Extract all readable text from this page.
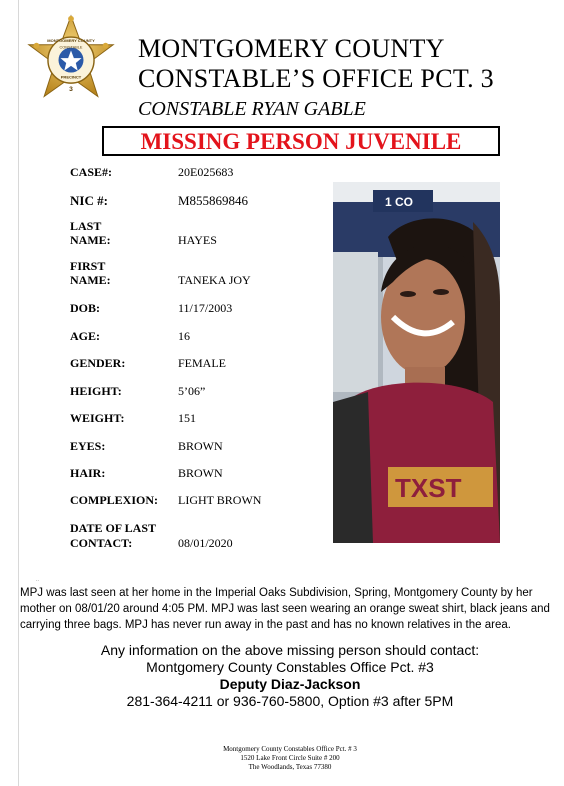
MONTGOMERY COUNTY
CONSTABLE
PRECINCT
3
MONTGOMERY COUNTY
CONSTABLE’S OFFICE PCT. 3
CONSTABLE RYAN GABLE
MISSING PERSON JUVENILE
CASE#:	20E025683
NIC #:	M855869846
LAST
NAME:	HAYES
FIRST
NAME:	TANEKA JOY
DOB:	11/17/2003
AGE:	16
GENDER:	FEMALE
HEIGHT:	5’06”
WEIGHT:	151
EYES:	BROWN
HAIR:	BROWN
COMPLEXION: LIGHT BROWN
DATE OF LAST
CONTACT:	08/01/2020
1 CO
TXST
..
MPJ was last seen at her home in the Imperial Oaks Subdivision, Spring, Montgomery County by her mother on 08/01/20 around 4:05 PM. MPJ was last seen wearing an orange sweat shirt, black jeans and carrying three bags. MPJ has never run away in the past and has no known relatives in the area.
Any information on the above missing person should contact:
Montgomery County Constables Office Pct. #3
Deputy Diaz-Jackson
281-364-4211 or 936-760-5800, Option #3 after 5PM
Montgomery County Constables Office Pct. # 3
1520 Lake Front Circle Suite # 200
The Woodlands, Texas 77380
